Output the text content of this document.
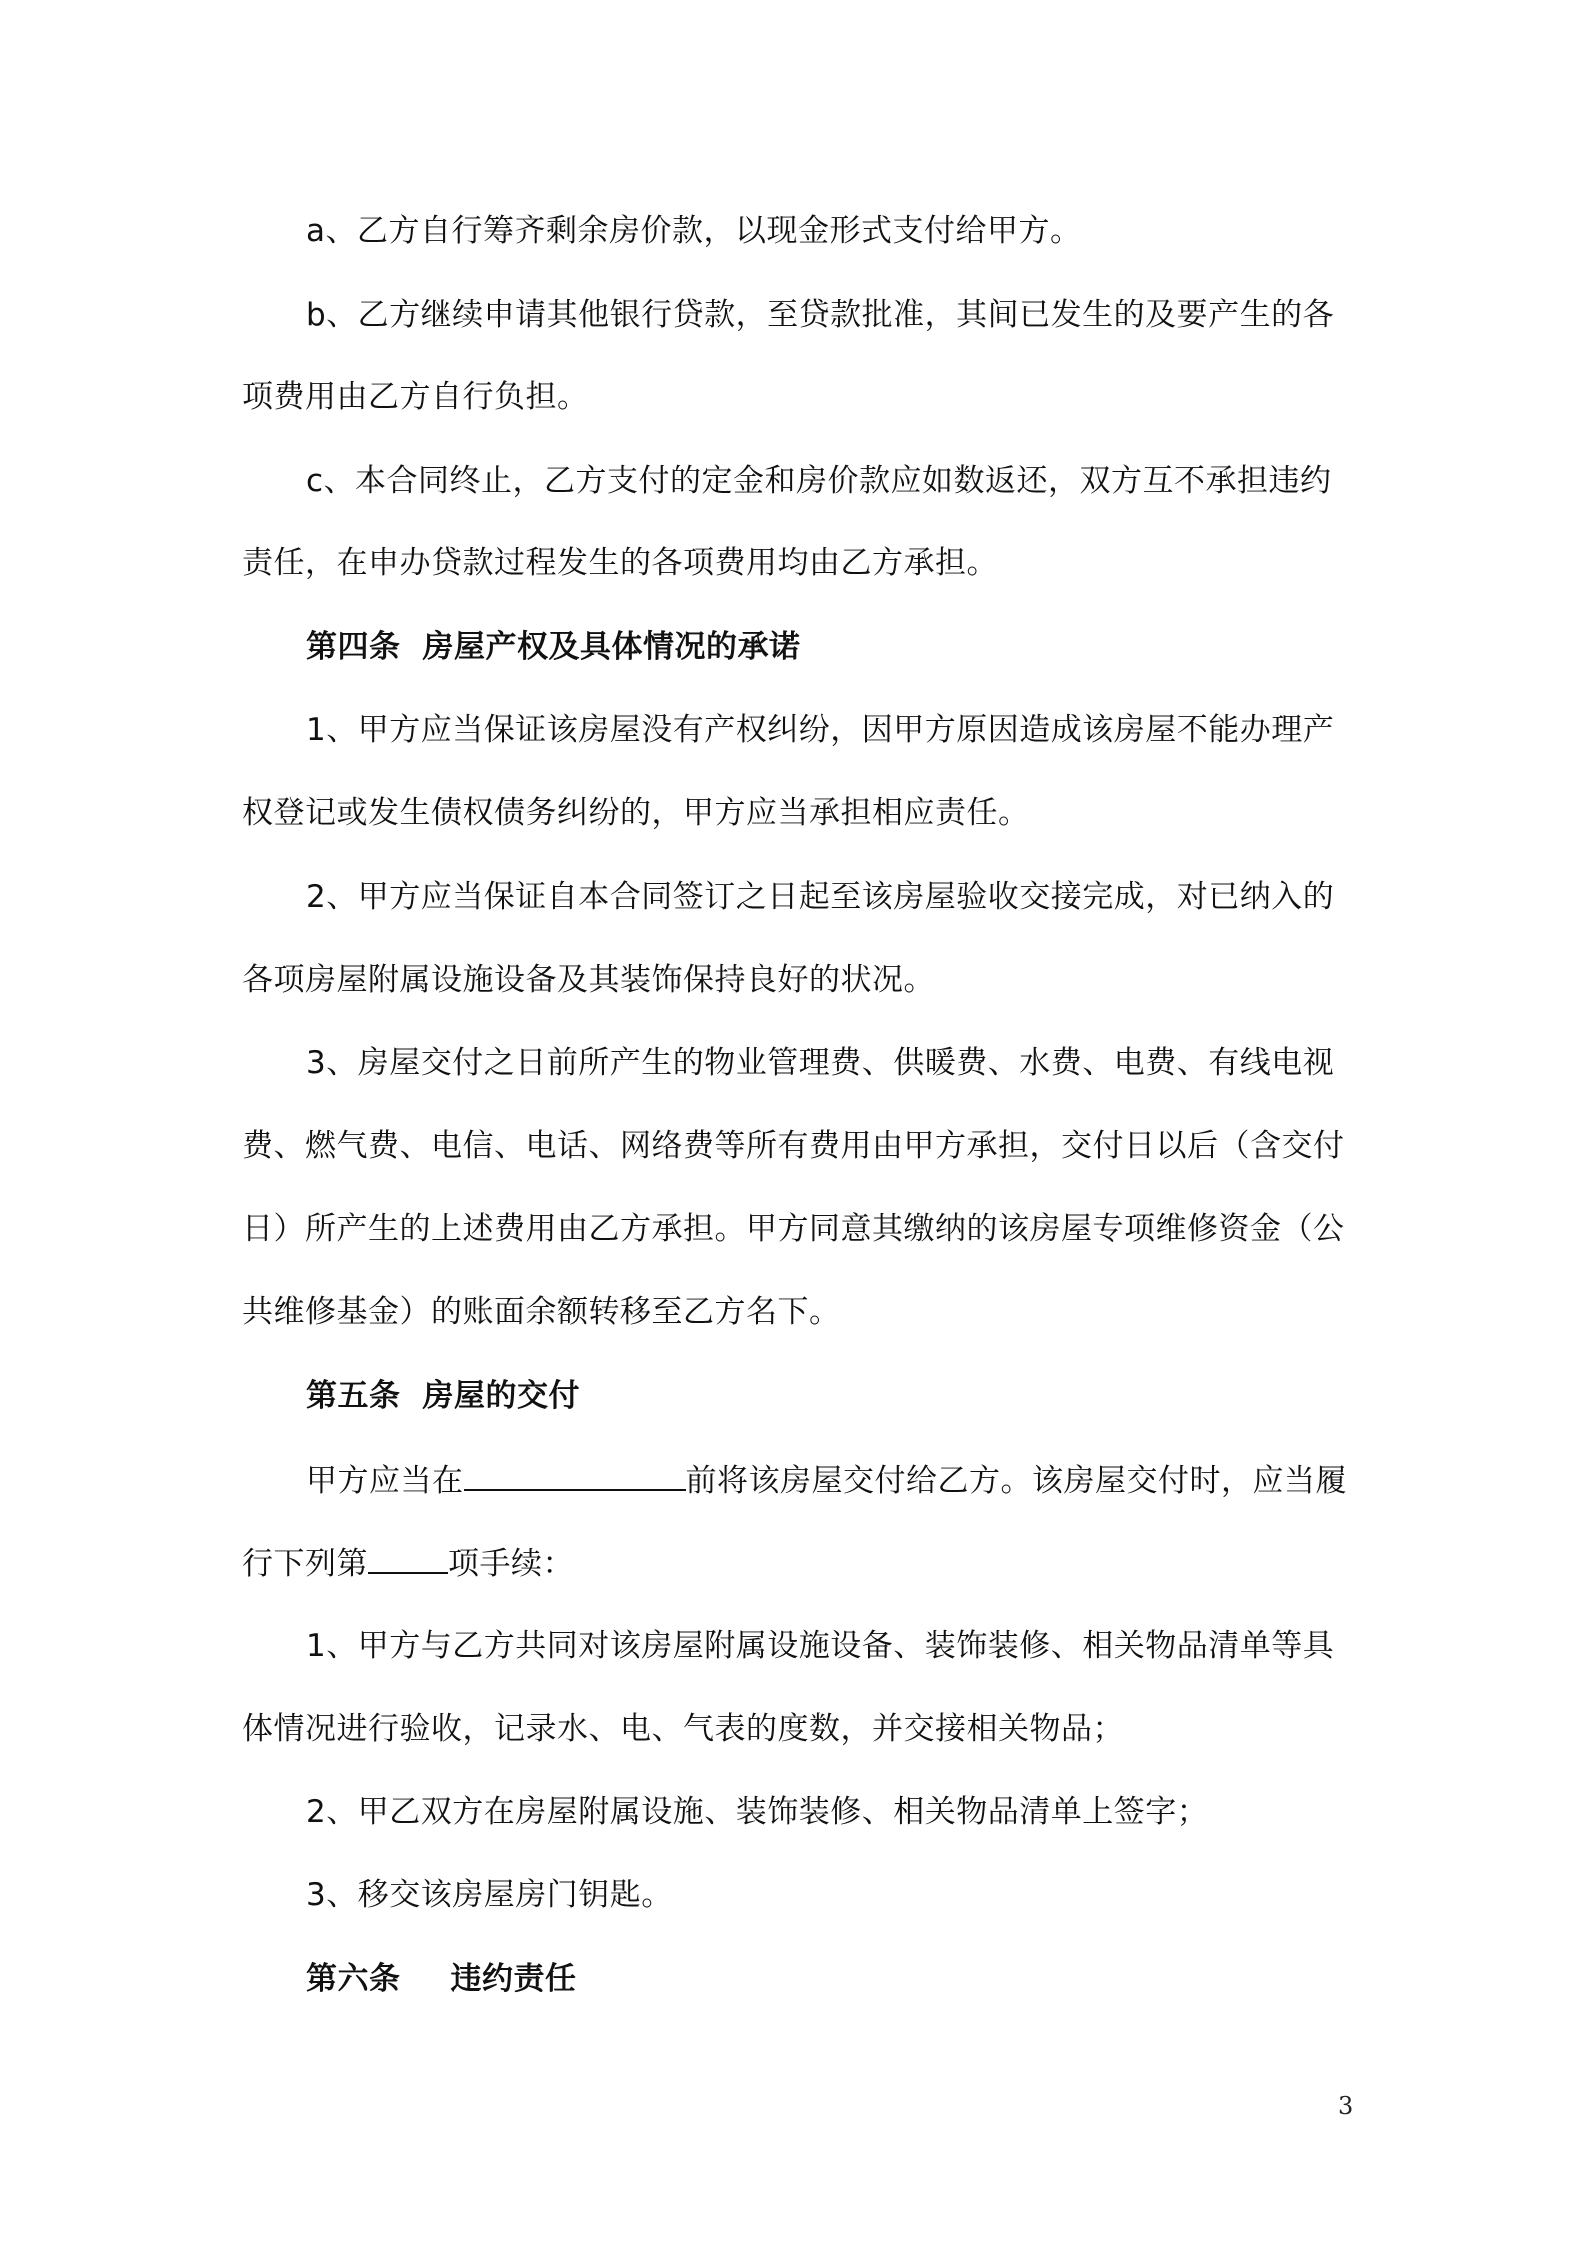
a、乙方自行筹齐剩余房价款，以现金形式支付给甲方。
b、乙方继续申请其他银行贷款，至贷款批准，其间已发生的及要产生的各
项费用由乙方自行负担。
c、本合同终止，乙方支付的定金和房价款应如数返还，双方互不承担违约
责任，在申办贷款过程发生的各项费用均由乙方承担。
第四条 房屋产权及具体情况的承诺
1、甲方应当保证该房屋没有产权纠纷，因甲方原因造成该房屋不能办理产
权登记或发生债权债务纠纷的，甲方应当承担相应责任。
2、甲方应当保证自本合同签订之日起至该房屋验收交接完成，对已纳入的
各项房屋附属设施设备及其装饰保持良好的状况。
3、房屋交付之日前所产生的物业管理费、供暖费、水费、电费、有线电视
费、燃气费、电信、电话、网络费等所有费用由甲方承担，交付日以后（含交付
日）所产生的上述费用由乙方承担。甲方同意其缴纳的该房屋专项维修资金（公
共维修基金）的账面余额转移至乙方名下。
第五条 房屋的交付
甲方应当在	前将该房屋交付给乙方。该房屋交付时，应当履
行下列第	项手续：
1、甲方与乙方共同对该房屋附属设施设备、装饰装修、相关物品清单等具
体情况进行验收，记录水、电、气表的度数，并交接相关物品；
2、甲乙双方在房屋附属设施、装饰装修、相关物品清单上签字；
3、移交该房屋房门钥匙。
第六条 违约责任
3
